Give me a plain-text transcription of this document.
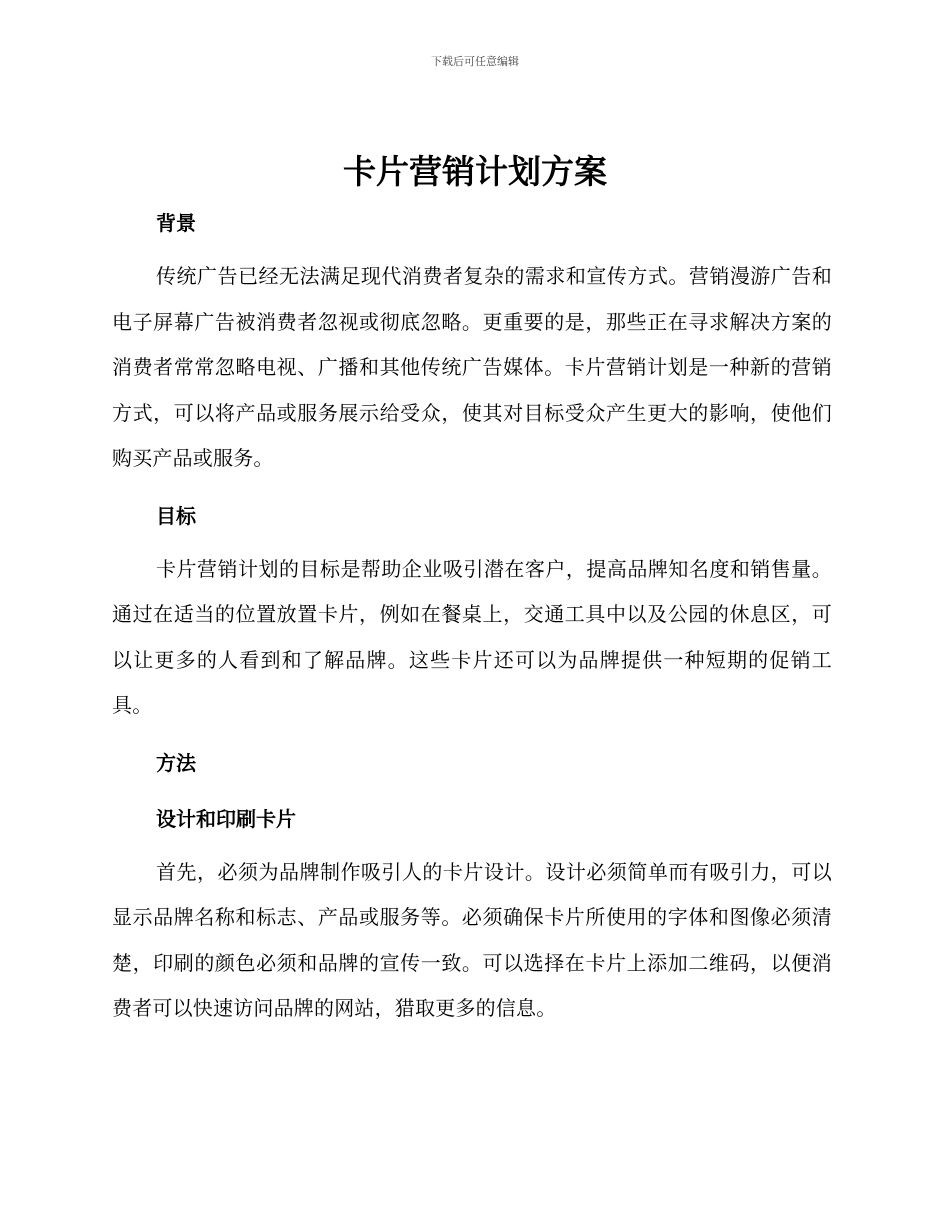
下载后可任意编辑
卡片营销计划方案
背景

传统广告已经无法满足现代消费者复杂的需求和宣传方式。营销漫游广告和电子屏幕广告被消费者忽视或彻底忽略。更重要的是，那些正在寻求解决方案的消费者常常忽略电视、广播和其他传统广告媒体。卡片营销计划是一种新的营销方式，可以将产品或服务展示给受众，使其对目标受众产生更大的影响，使他们购买产品或服务。

目标

卡片营销计划的目标是帮助企业吸引潜在客户，提高品牌知名度和销售量。通过在适当的位置放置卡片，例如在餐桌上，交通工具中以及公园的休息区，可以让更多的人看到和了解品牌。这些卡片还可以为品牌提供一种短期的促销工具。

方法
设计和印刷卡片

首先，必须为品牌制作吸引人的卡片设计。设计必须简单而有吸引力，可以显示品牌名称和标志、产品或服务等。必须确保卡片所使用的字体和图像必须清楚，印刷的颜色必须和品牌的宣传一致。可以选择在卡片上添加二维码，以便消费者可以快速访问品牌的网站，猎取更多的信息。
